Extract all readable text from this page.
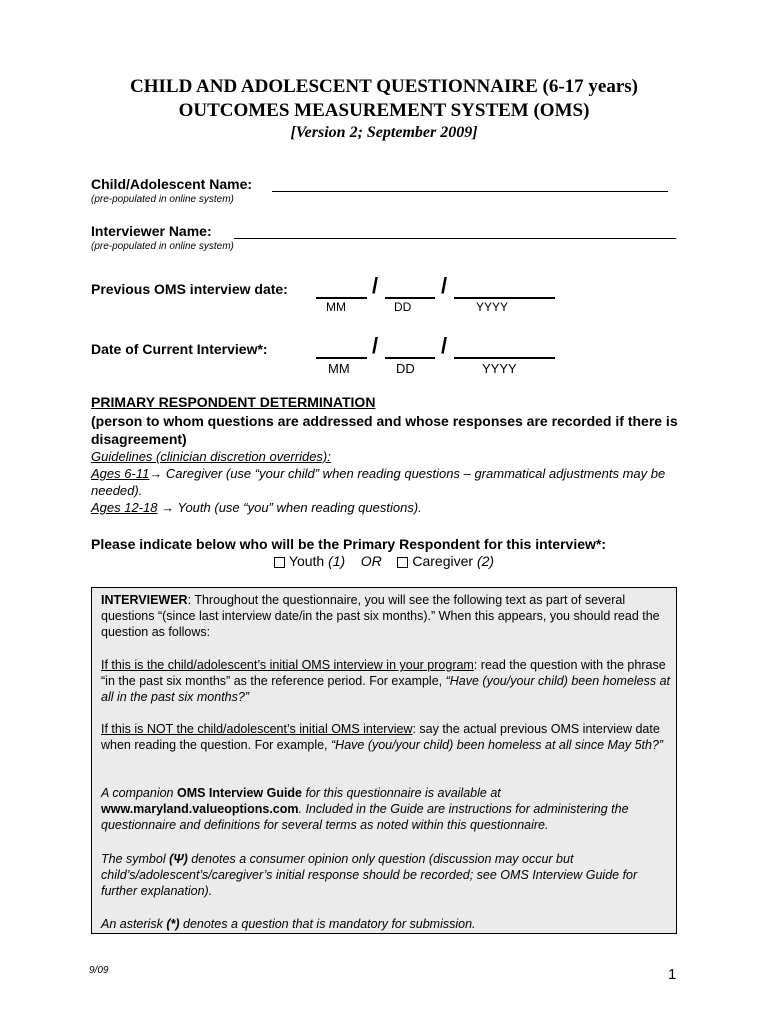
CHILD AND ADOLESCENT QUESTIONNAIRE (6-17 years)
OUTCOMES MEASUREMENT SYSTEM (OMS)
[Version 2; September 2009]
Child/Adolescent Name:
(pre-populated in online system)
Interviewer Name:
(pre-populated in online system)
Previous OMS interview date:	/	/
MM	DD	YYYY
Date of Current Interview*:	/	/
MM	DD	YYYY
PRIMARY RESPONDENT DETERMINATION
(person to whom questions are addressed and whose responses are recorded if there is disagreement)
Guidelines (clinician discretion overrides):
Ages 6-11→ Caregiver (use “your child” when reading questions – grammatical adjustments may be needed).
Ages 12-18 → Youth (use “you” when reading questions).
Please indicate below who will be the Primary Respondent for this interview*:
Youth (1) OR Caregiver (2)
INTERVIEWER: Throughout the questionnaire, you will see the following text as part of several questions “(since last interview date/in the past six months).” When this appears, you should read the question as follows:
If this is the child/adolescent’s initial OMS interview in your program: read the question with the phrase “in the past six months” as the reference period. For example, “Have (you/your child) been homeless at all in the past six months?”
If this is NOT the child/adolescent’s initial OMS interview: say the actual previous OMS interview date when reading the question. For example, “Have (you/your child) been homeless at all since May 5th?”
A companion OMS Interview Guide for this questionnaire is available at www.maryland.valueoptions.com. Included in the Guide are instructions for administering the questionnaire and definitions for several terms as noted within this questionnaire.
The symbol (Ψ) denotes a consumer opinion only question (discussion may occur but child’s/adolescent’s/caregiver’s initial response should be recorded; see OMS Interview Guide for further explanation).
An asterisk (*) denotes a question that is mandatory for submission.
9/09	1
